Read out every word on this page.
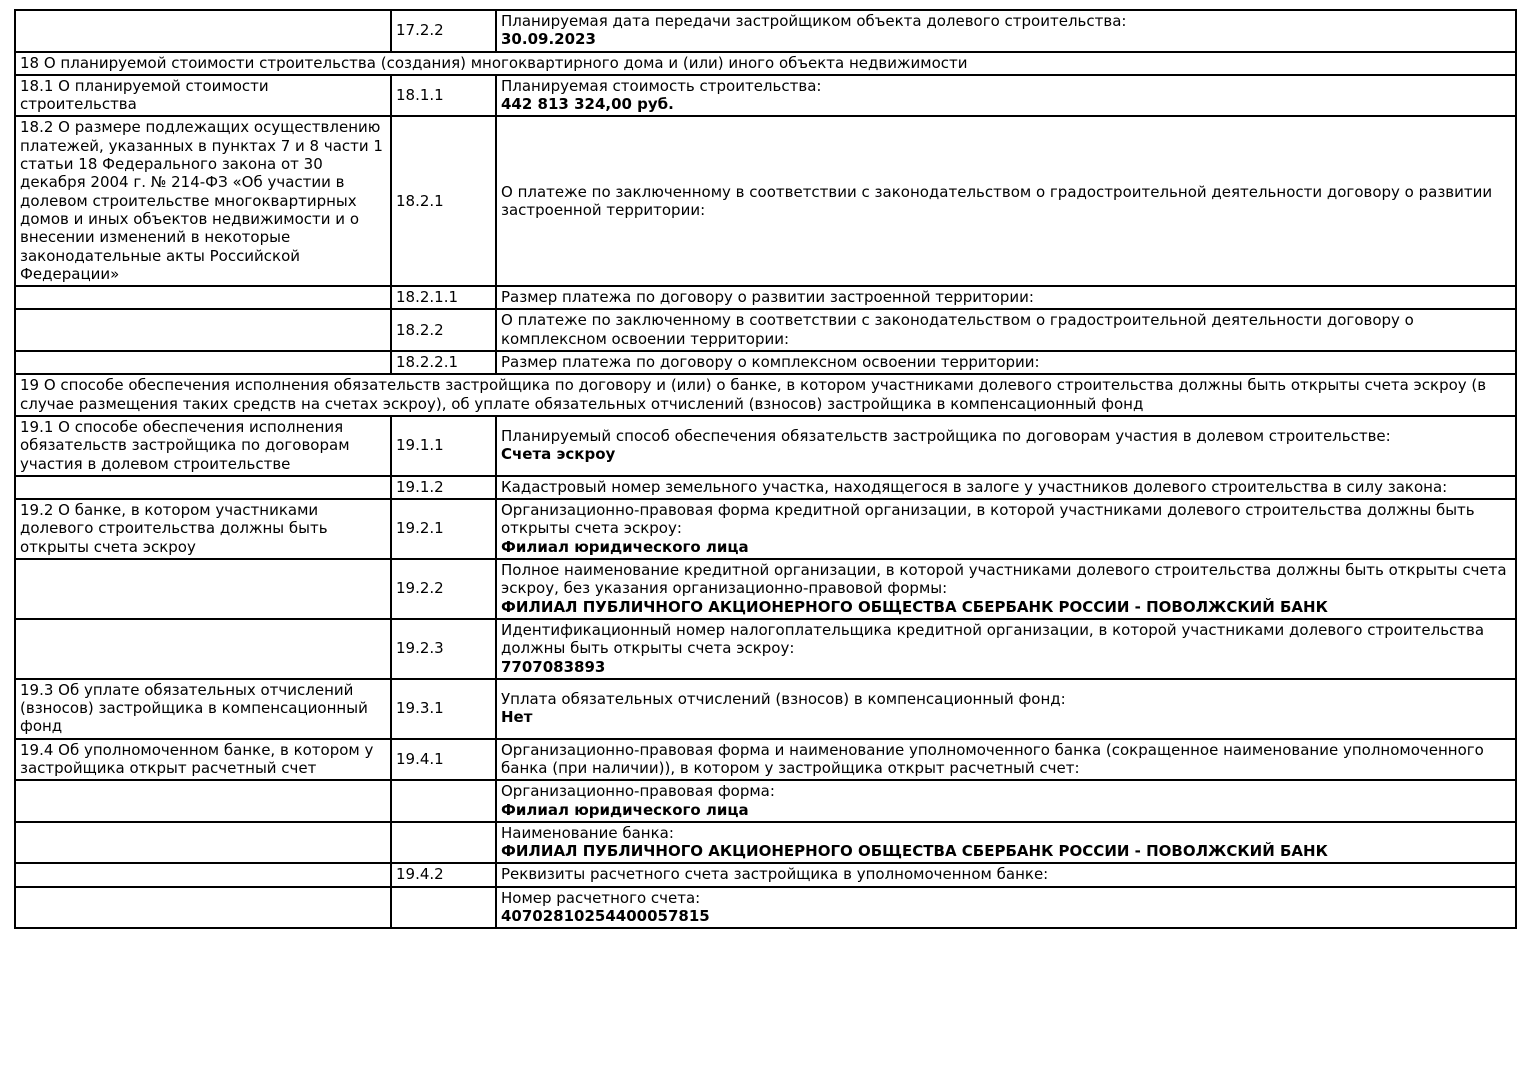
	17.2.2	Планируемая дата передачи застройщиком объекта долевого строительства:
30.09.2023

18 О планируемой стоимости строительства (создания) многоквартирного дома и (или) иного объекта недвижимости		
18.1 О планируемой стоимости строительства	18.1.1	Планируемая стоимость строительства:
442 813 324,00 руб.

18.2 О размере подлежащих осуществлению платежей, указанных в пунктах 7 и 8 части 1 статьи 18 Федерального закона от 30 декабря 2004 г. № 214-ФЗ «Об участии в долевом строительстве многоквартирных домов и иных объектов недвижимости и о внесении изменений в некоторые законодательные акты Российской Федерации»	18.2.1	О платеже по заключенному в соответствии с законодательством о градостроительной деятельности договору о развитии застроенной территории:

	18.2.1.1	Размер платежа по договору о развитии застроенной территории:

	18.2.2	О платеже по заключенному в соответствии с законодательством о градостроительной деятельности договору о комплексном освоении территории:

	18.2.2.1	Размер платежа по договору о комплексном освоении территории:

19 О способе обеспечения исполнения обязательств застройщика по договору и (или) о банке, в котором участниками долевого строительства должны быть открыты счета эскроу (в случае размещения таких средств на счетах эскроу), об уплате обязательных отчислений (взносов) застройщика в компенсационный фонд		
19.1 О способе обеспечения исполнения обязательств застройщика по договорам участия в долевом строительстве	19.1.1	Планируемый способ обеспечения обязательств застройщика по договорам участия в долевом строительстве:
Счета эскроу

	19.1.2	Кадастровый номер земельного участка, находящегося в залоге у участников долевого строительства в силу закона:

19.2 О банке, в котором участниками долевого строительства должны быть открыты счета эскроу	19.2.1	Организационно-правовая форма кредитной организации, в которой участниками долевого строительства должны быть открыты счета эскроу:
Филиал юридического лица

	19.2.2	Полное наименование кредитной организации, в которой участниками долевого строительства должны быть открыты счета эскроу, без указания организационно-правовой формы:
ФИЛИАЛ ПУБЛИЧНОГО АКЦИОНЕРНОГО ОБЩЕСТВА СБЕРБАНК РОССИИ - ПОВОЛЖСКИЙ БАНК

	19.2.3	Идентификационный номер налогоплательщика кредитной организации, в которой участниками долевого строительства должны быть открыты счета эскроу:
7707083893

19.3 Об уплате обязательных отчислений (взносов) застройщика в компенсационный фонд	19.3.1	Уплата обязательных отчислений (взносов) в компенсационный фонд:
Нет

19.4 Об уполномоченном банке, в котором у застройщика открыт расчетный счет	19.4.1	Организационно-правовая форма и наименование уполномоченного банка (сокращенное наименование уполномоченного банка (при наличии)), в котором у застройщика открыт расчетный счет:

		Организационно-правовая форма:
Филиал юридического лица

		Наименование банка:
ФИЛИАЛ ПУБЛИЧНОГО АКЦИОНЕРНОГО ОБЩЕСТВА СБЕРБАНК РОССИИ - ПОВОЛЖСКИЙ БАНК

	19.4.2	Реквизиты расчетного счета застройщика в уполномоченном банке:

		Номер расчетного счета:
40702810254400057815
